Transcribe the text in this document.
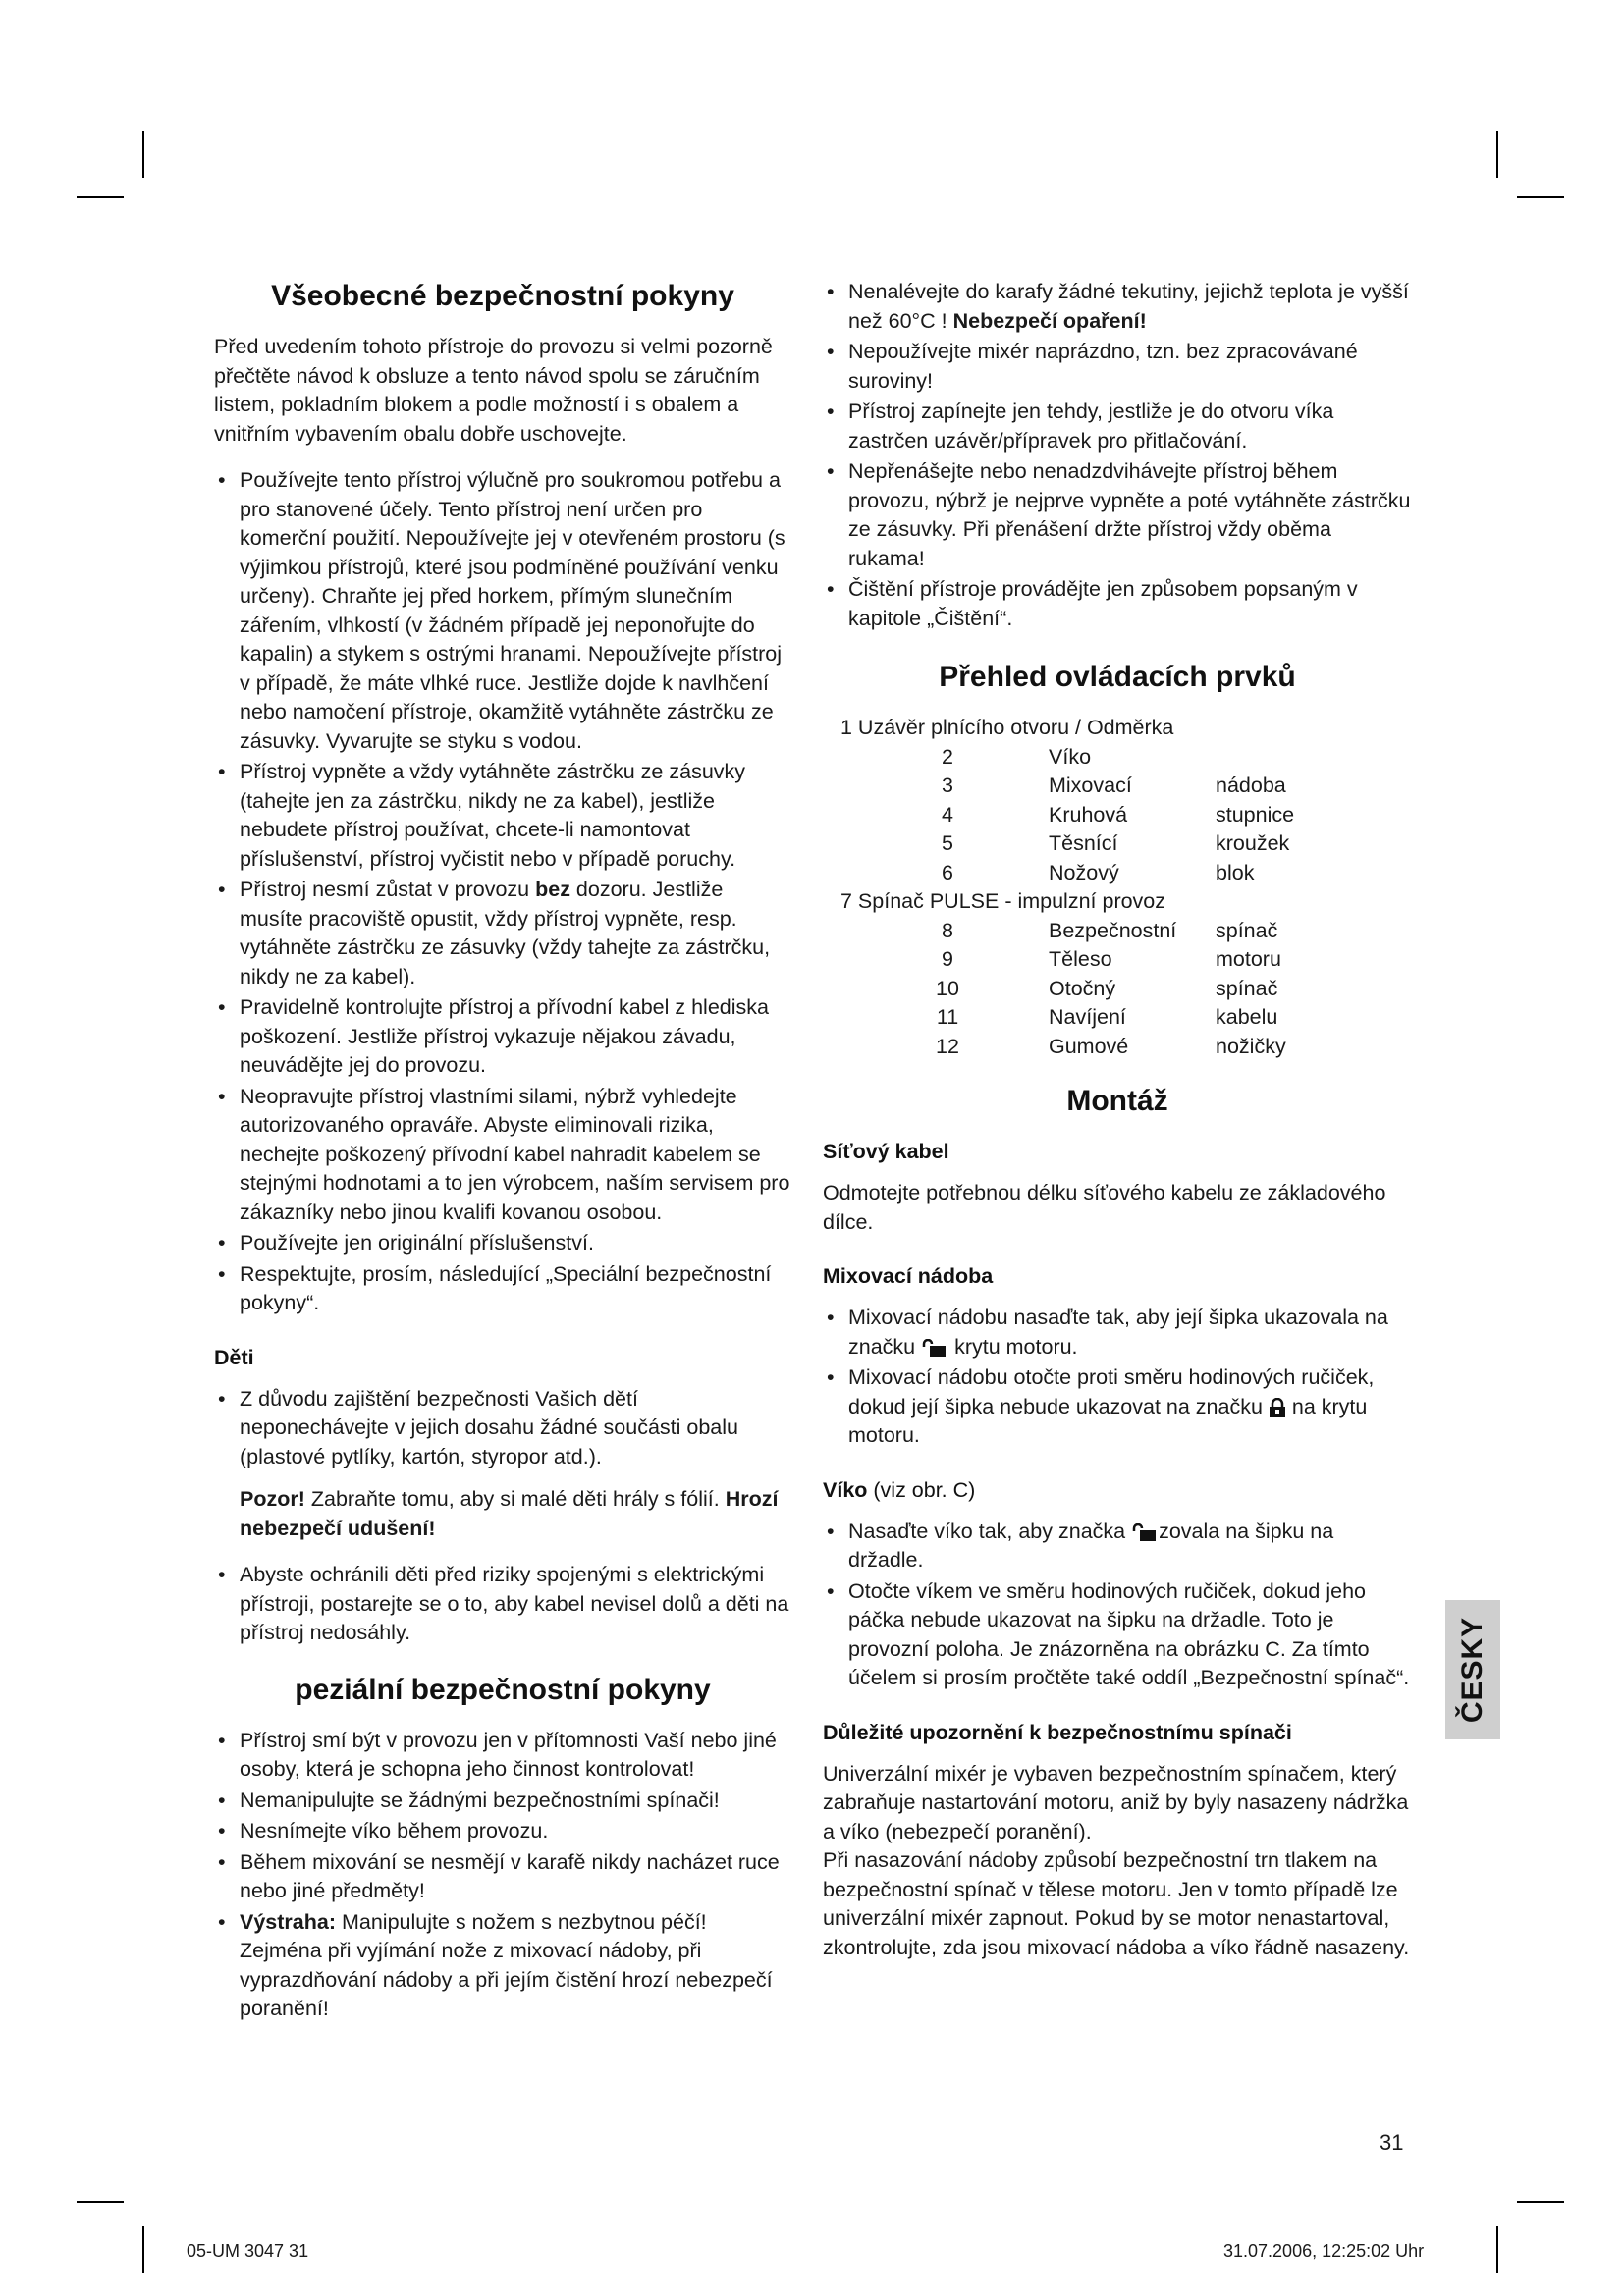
Všeobecné bezpečnostní pokyny

Před uvedením tohoto přístroje do provozu si velmi pozorně přečtěte návod k obsluze a tento návod spolu se záručním listem, pokladním blokem a podle možností i s obalem a vnitřním vybavením obalu dobře uschovejte.

• Používejte tento přístroj výlučně pro soukromou potřebu a pro stanovené účely. Tento přístroj není určen pro komerční použití. Nepoužívejte jej v otevřeném prostoru (s výjimkou přístrojů, které jsou podmíněné používání venku určeny). Chraňte jej před horkem, přímým slunečním zářením, vlhkostí (v žádném případě jej neponořujte do kapalin) a stykem s ostrými hranami. Nepoužívejte přístroj v případě, že máte vlhké ruce. Jestliže dojde k navlhčení nebo namočení přístroje, okamžitě vytáhněte zástrčku ze zásuvky. Vyvarujte se styku s vodou.
• Přístroj vypněte a vždy vytáhněte zástrčku ze zásuvky (tahejte jen za zástrčku, nikdy ne za kabel), jestliže nebudete přístroj používat, chcete-li namontovat příslušenství, přístroj vyčistit nebo v případě poruchy.
• Přístroj nesmí zůstat v provozu bez dozoru. Jestliže musíte pracoviště opustit, vždy přístroj vypněte, resp. vytáhněte zástrčku ze zásuvky (vždy tahejte za zástrčku, nikdy ne za kabel).
• Pravidelně kontrolujte přístroj a přívodní kabel z hlediska poškození. Jestliže přístroj vykazuje nějakou závadu, neuvádějte jej do provozu.
• Neopravujte přístroj vlastními silami, nýbrž vyhledejte autorizovaného opraváře. Abyste eliminovali rizika, nechejte poškozený přívodní kabel nahradit kabelem se stejnými hodnotami a to jen výrobcem, naším servisem pro zákazníky nebo jinou kvalifi kovanou osobou.
• Používejte jen originální příslušenství.
• Respektujte, prosím, následující „Speciální bezpečnostní pokyny“.
Děti
• Z důvodu zajištění bezpečnosti Vašich dětí neponechávejte v jejich dosahu žádné součásti obalu (plastové pytlíky, kartón, styropor atd.).

Pozor! Zabraňte tomu, aby si malé děti hrály s fólií. Hrozí nebezpečí udušení!

• Abyste ochránili děti před riziky spojenými s elektrickými přístroji, postarejte se o to, aby kabel nevisel dolů a děti na přístroj nedosáhly.
peziální bezpečnostní pokyny
• Přístroj smí být v provozu jen v přítomnosti Vaší nebo jiné osoby, která je schopna jeho činnost kontrolovat!
• Nemanipulujte se žádnými bezpečnostními spínači!
• Nesnímejte víko během provozu.
• Během mixování se nesmějí v karafě nikdy nacházet ruce nebo jiné předměty!
• Výstraha: Manipulujte s nožem s nezbytnou péčí! Zejména při vyjímání nože z mixovací nádoby, při vyprazdňování nádoby a při jejím čistění hrozí nebezpečí poranění!
• Nenalévejte do karafy žádné tekutiny, jejichž teplota je vyšší než 60°C ! Nebezpečí opaření!
• Nepoužívejte mixér naprázdno, tzn. bez zpracovávané suroviny!
• Přístroj zapínejte jen tehdy, jestliže je do otvoru víka zastrčen uzávěr/přípravek pro přitlačování.
• Nepřenášejte nebo nenadzdvihávejte přístroj během provozu, nýbrž je nejprve vypněte a poté vytáhněte zástrčku ze zásuvky. Při přenášení držte přístroj vždy oběma rukama!
• Čištění přístroje provádějte jen způsobem popsaným v kapitole „Čištění“.
Přehled ovládacích prvků
1 Uzávěr plnícího otvoru / Odměrka
2	Víko
3	Mixovací	nádoba
4	Kruhová	stupnice
5	Těsnící	kroužek
6	Nožový	blok
7 Spínač PULSE - impulzní provoz
8	Bezpečnostní spínač
9	Těleso	motoru
10	Otočný	spínač
11	Navíjení	kabelu
12	Gumové	nožičky
Montáž
Síťový kabel

Odmotejte potřebnou délku síťového kabelu ze základového dílce.

Mixovací nádoba
• Mixovací nádobu nasaďte tak, aby její šipka ukazovala na značku  krytu motoru.
• Mixovací nádobu otočte proti směru hodinových ručiček, dokud její šipka nebude ukazovat na značku  na krytu motoru.
Víko (viz obr. C)
• Nasaďte víko tak, aby značka zovala na šipku na držadle.
• Otočte víkem ve směru hodinových ručiček, dokud jeho páčka nebude ukazovat na šipku na držadle. Toto je provozní poloha. Je znázorněna na obrázku C. Za tímto účelem si prosím pročtěte také oddíl „Bezpečnostní spínač“.
Důležité upozornění k bezpečnostnímu spínači

Univerzální mixér je vybaven bezpečnostním spínačem, který zabraňuje nastartování motoru, aniž by byly nasazeny nádržka a víko (nebezpečí poranění).

Při nasazování nádoby způsobí bezpečnostní trn tlakem na bezpečnostní spínač v tělese motoru. Jen v tomto případě lze univerzální mixér zapnout. Pokud by se motor nenastartoval, zkontrolujte, zda jsou mixovací nádoba a víko řádně nasazeny.

ČESKY
31
05-UM 3047 31	31.07.2006, 12:25:02 Uhr
